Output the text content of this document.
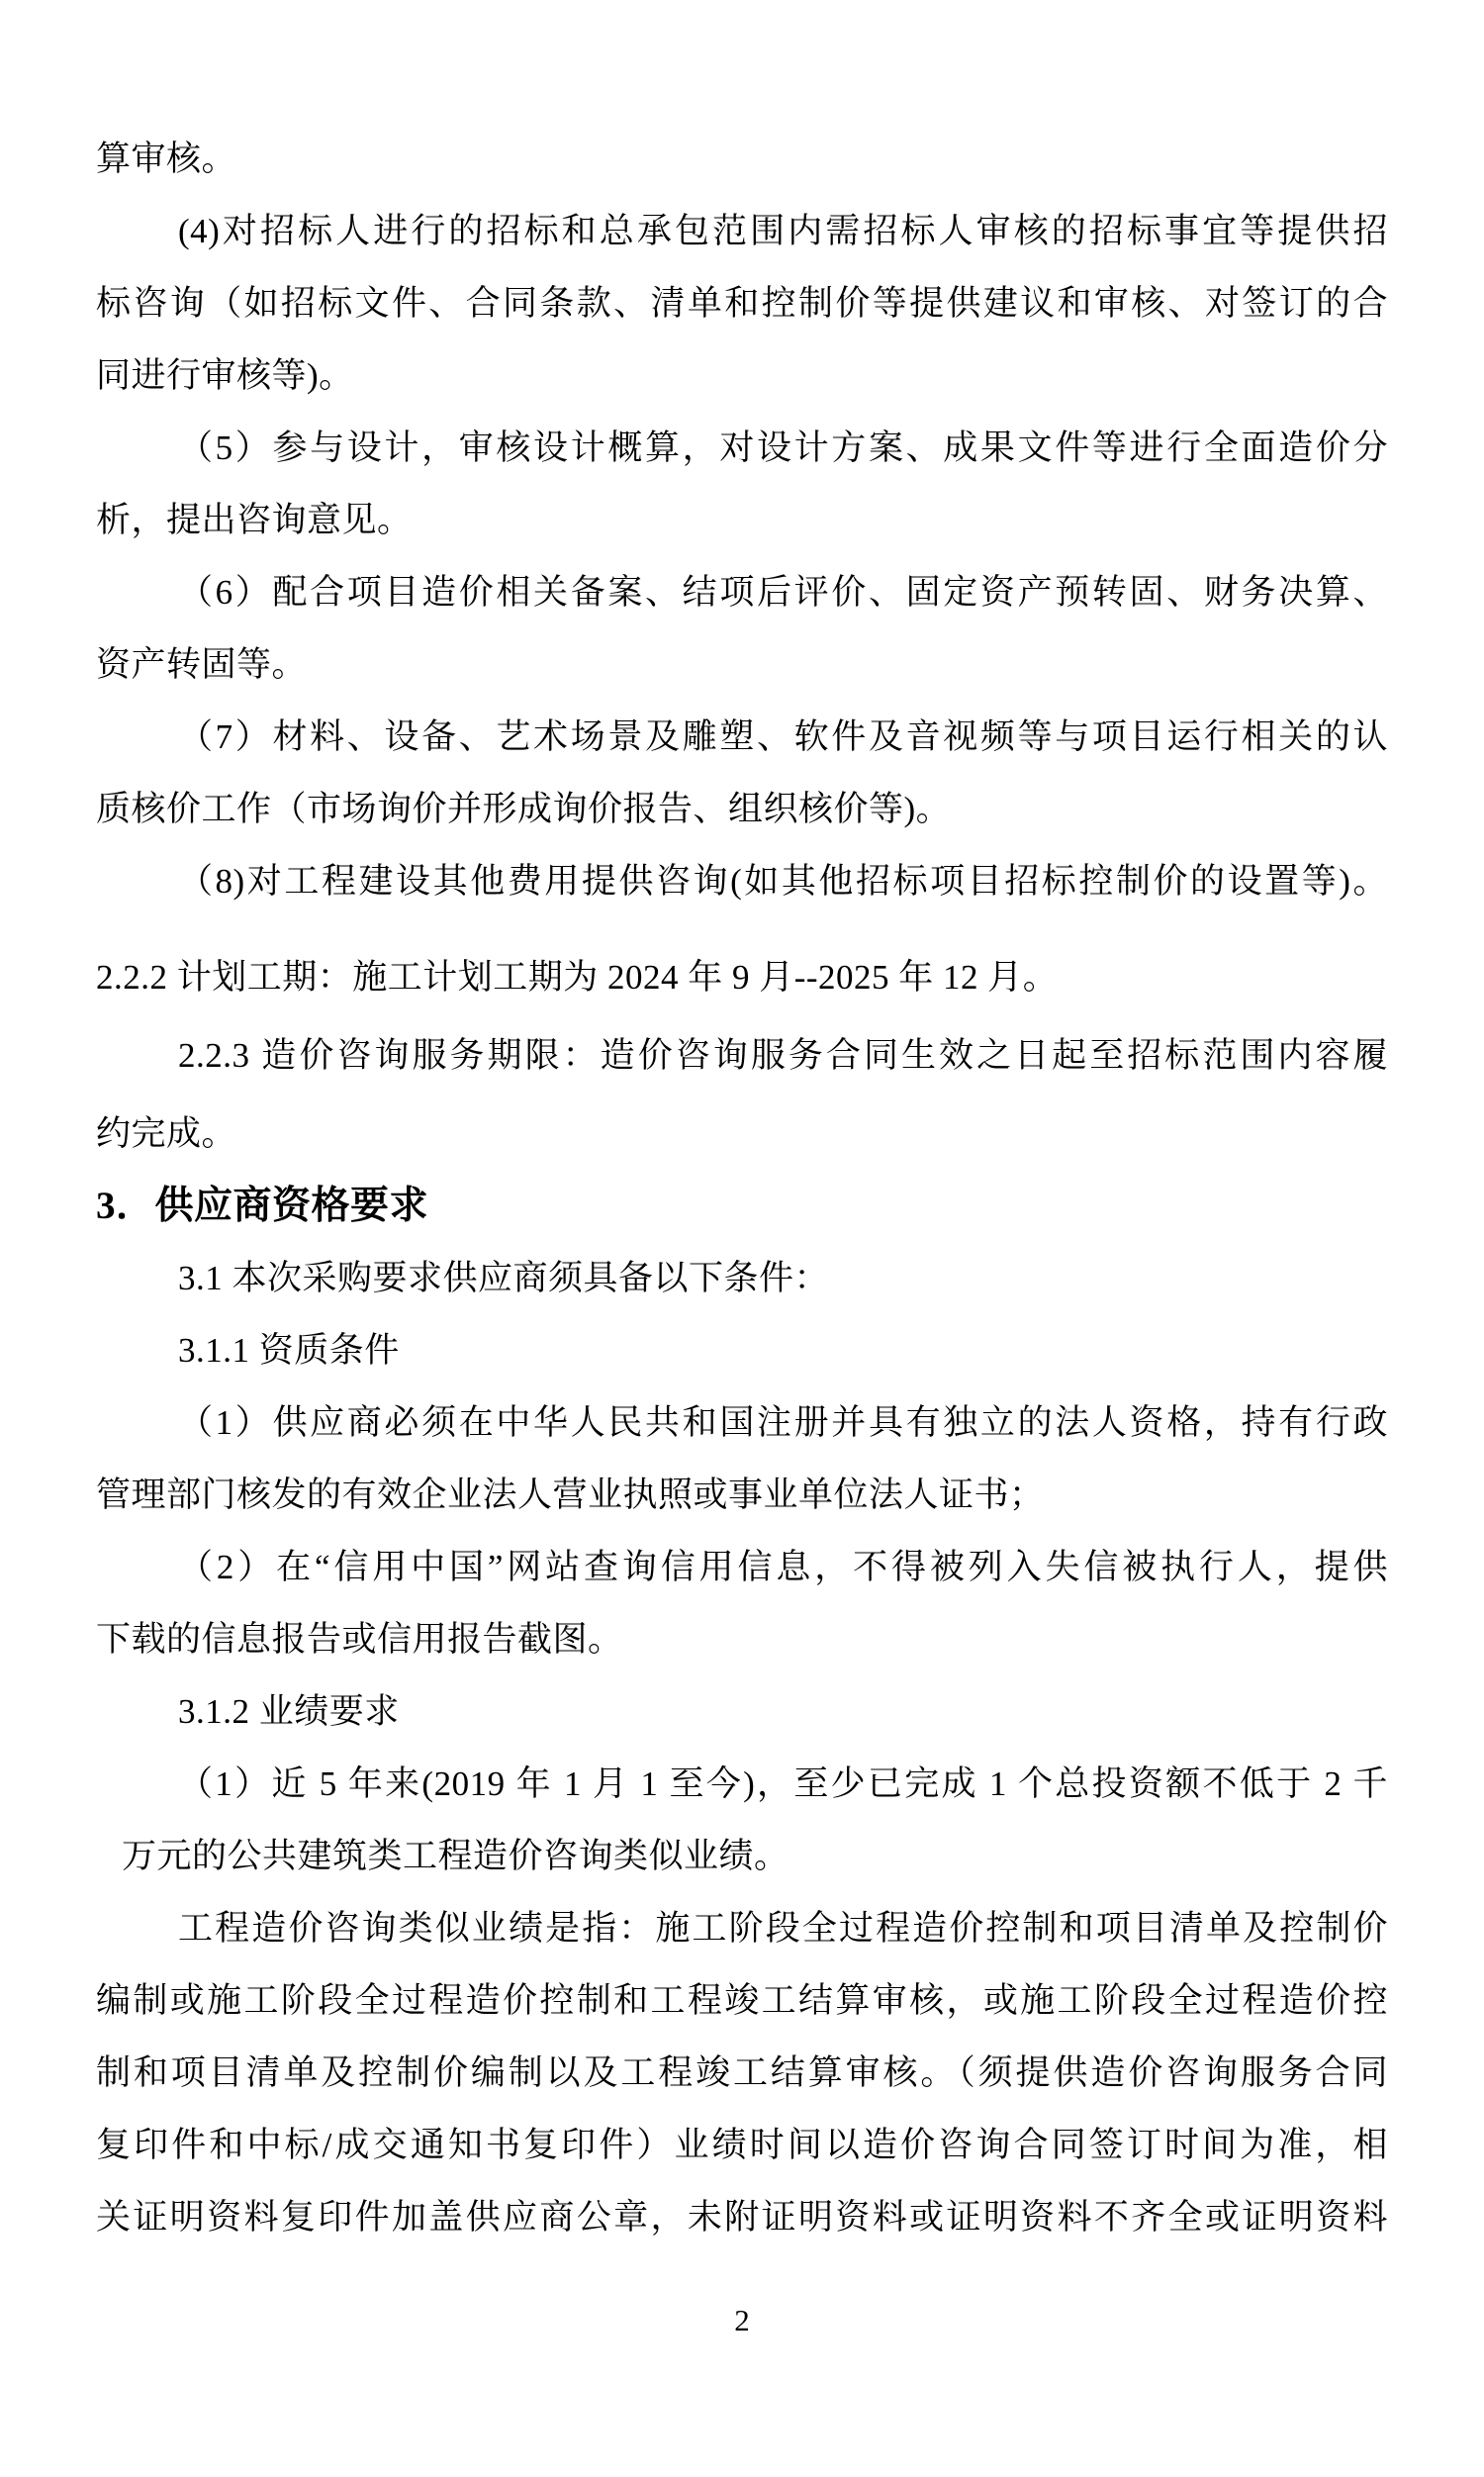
算审核。
(4)对招标人进行的招标和总承包范围内需招标人审核的招标事宜等提供招
标咨询（如招标文件、合同条款、清单和控制价等提供建议和审核、对签订的合
同进行审核等)。
（5）参与设计，审核设计概算，对设计方案、成果文件等进行全面造价分
析，提出咨询意见。
（6）配合项目造价相关备案、结项后评价、固定资产预转固、财务决算、
资产转固等。
（7）材料、设备、艺术场景及雕塑、软件及音视频等与项目运行相关的认
质核价工作（市场询价并形成询价报告、组织核价等)。
（8)对工程建设其他费用提供咨询(如其他招标项目招标控制价的设置等)。
2.2.2 计划工期：施工计划工期为 2024 年 9 月--2025 年 12 月。
2.2.3 造价咨询服务期限：造价咨询服务合同生效之日起至招标范围内容履
约完成。
3．供应商资格要求
3.1 本次采购要求供应商须具备以下条件：
3.1.1 资质条件
（1）供应商必须在中华人民共和国注册并具有独立的法人资格，持有行政
管理部门核发的有效企业法人营业执照或事业单位法人证书；
（2）在“信用中国”网站查询信用信息，不得被列入失信被执行人，提供
下载的信息报告或信用报告截图。
3.1.2 业绩要求
（1）近 5 年来(2019 年 1 月 1 至今)，至少已完成 1 个总投资额不低于 2 千
万元的公共建筑类工程造价咨询类似业绩。
工程造价咨询类似业绩是指：施工阶段全过程造价控制和项目清单及控制价
编制或施工阶段全过程造价控制和工程竣工结算审核，或施工阶段全过程造价控
制和项目清单及控制价编制以及工程竣工结算审核。（须提供造价咨询服务合同
复印件和中标/成交通知书复印件）业绩时间以造价咨询合同签订时间为准，相
关证明资料复印件加盖供应商公章，未附证明资料或证明资料不齐全或证明资料
2
